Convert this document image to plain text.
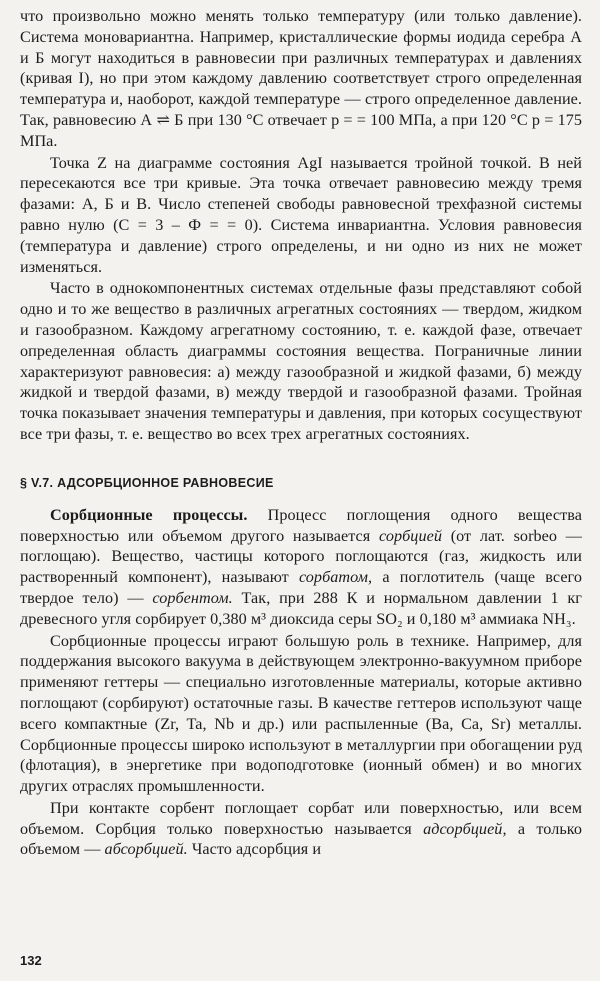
что произвольно можно менять только температуру (или только давление). Система моновариантна. Например, кристаллические формы иодида серебра А и Б могут находиться в равновесии при различных температурах и давлениях (кривая I), но при этом каждому давлению соответствует строго определенная температура и, наоборот, каждой температуре — строго определенное давление. Так, равновесию А ⇌ Б при 130 °С отвечает p = = 100 МПа, а при 120 °С p = 175 МПа.

Точка Z на диаграмме состояния AgI называется тройной точкой. В ней пересекаются все три кривые. Эта точка отвечает равновесию между тремя фазами: А, Б и В. Число степеней свободы равновесной трехфазной системы равно нулю (С = 3 – Ф = = 0). Система инвариантна. Условия равновесия (температура и давление) строго определены, и ни одно из них не может изменяться.

Часто в однокомпонентных системах отдельные фазы представляют собой одно и то же вещество в различных агрегатных состояниях — твердом, жидком и газообразном. Каждому агрегатному состоянию, т. е. каждой фазе, отвечает определенная область диаграммы состояния вещества. Пограничные линии характеризуют равновесия: а) между газообразной и жидкой фазами, б) между жидкой и твердой фазами, в) между твердой и газообразной фазами. Тройная точка показывает значения температуры и давления, при которых сосуществуют все три фазы, т. е. вещество во всех трех агрегатных состояниях.

§ V.7. АДСОРБЦИОННОЕ РАВНОВЕСИЕ

Сорбционные процессы. Процесс поглощения одного вещества поверхностью или объемом другого называется сорбцией (от лат. sorbeo — поглощаю). Вещество, частицы которого поглощаются (газ, жидкость или растворенный компонент), называют сорбатом, а поглотитель (чаще всего твердое тело) — сорбентом. Так, при 288 К и нормальном давлении 1 кг древесного угля сорбирует 0,380 м³ диоксида серы SO₂ и 0,180 м³ аммиака NH₃.

Сорбционные процессы играют большую роль в технике. Например, для поддержания высокого вакуума в действующем электронно-вакуумном приборе применяют геттеры — специально изготовленные материалы, которые активно поглощают (сорбируют) остаточные газы. В качестве геттеров используют чаще всего компактные (Zr, Ta, Nb и др.) или распыленные (Ba, Ca, Sr) металлы. Сорбционные процессы широко используют в металлургии при обогащении руд (флотация), в энергетике при водоподготовке (ионный обмен) и во многих других отраслях промышленности.

При контакте сорбент поглощает сорбат или поверхностью, или всем объемом. Сорбция только поверхностью называется адсорбцией, а только объемом — абсорбцией. Часто адсорбция и

132
